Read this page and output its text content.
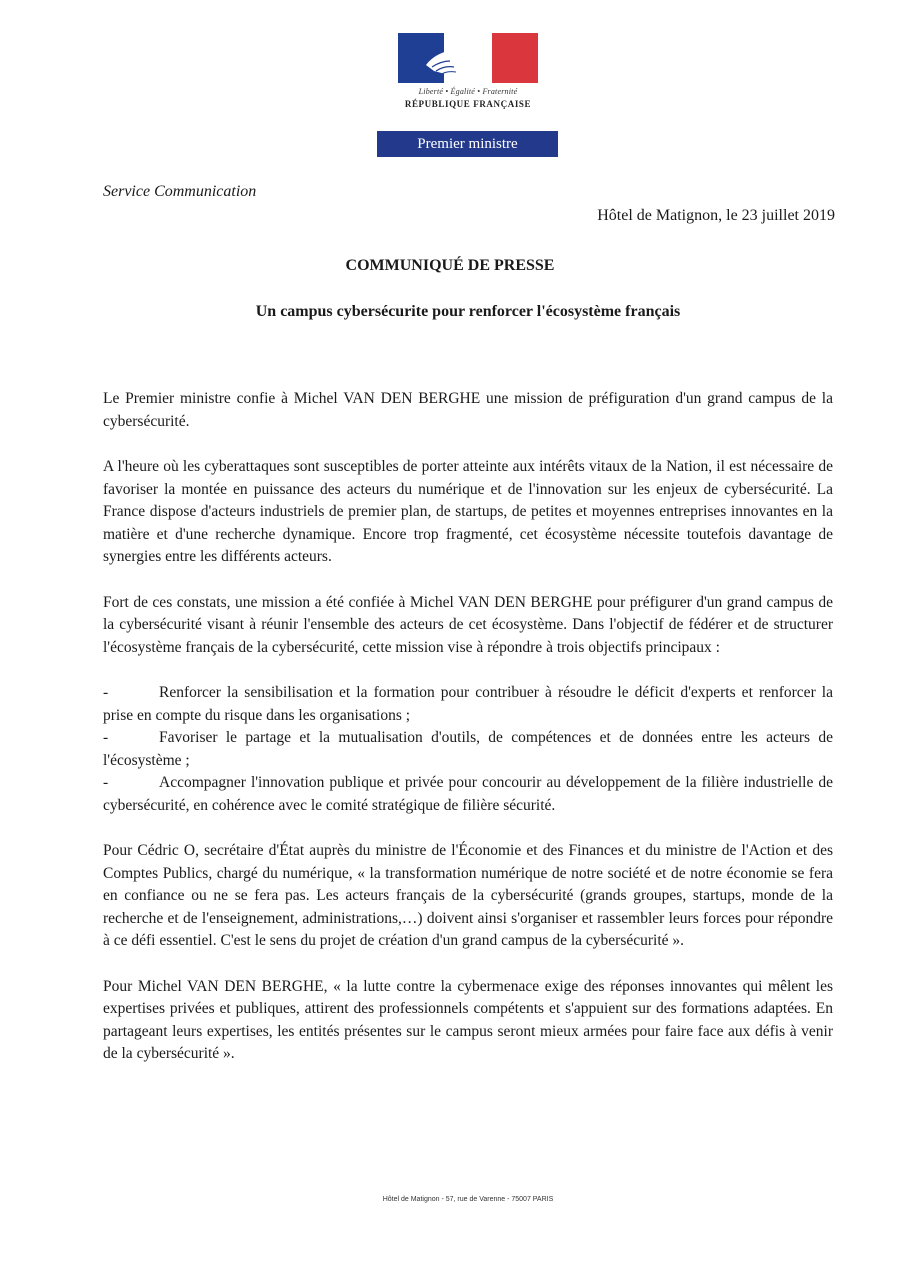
Liberté • Égalité • Fraternité
RÉPUBLIQUE FRANÇAISE
Premier ministre
Service Communication
Hôtel de Matignon, le 23 juillet 2019
COMMUNIQUÉ DE PRESSE
Un campus cybersécurite pour renforcer l'écosystème français

Le Premier ministre confie à Michel VAN DEN BERGHE une mission de préfiguration d'un grand campus de la cybersécurité.

A l'heure où les cyberattaques sont susceptibles de porter atteinte aux intérêts vitaux de la Nation, il est nécessaire de favoriser la montée en puissance des acteurs du numérique et de l'innovation sur les enjeux de cybersécurité. La France dispose d'acteurs industriels de premier plan, de startups, de petites et moyennes entreprises innovantes en la matière et d'une recherche dynamique. Encore trop fragmenté, cet écosystème nécessite toutefois davantage de synergies entre les différents acteurs.

Fort de ces constats, une mission a été confiée à Michel VAN DEN BERGHE pour préfigurer d'un grand campus de la cybersécurité visant à réunir l'ensemble des acteurs de cet écosystème. Dans l'objectif de fédérer et de structurer l'écosystème français de la cybersécurité, cette mission vise à répondre à trois objectifs principaux :

- Renforcer la sensibilisation et la formation pour contribuer à résoudre le déficit d'experts et renforcer la prise en compte du risque dans les organisations ;
- Favoriser le partage et la mutualisation d'outils, de compétences et de données entre les acteurs de l'écosystème ;
- Accompagner l'innovation publique et privée pour concourir au développement de la filière industrielle de cybersécurité, en cohérence avec le comité stratégique de filière sécurité.

Pour Cédric O, secrétaire d'État auprès du ministre de l'Économie et des Finances et du ministre de l'Action et des Comptes Publics, chargé du numérique, « la transformation numérique de notre société et de notre économie se fera en confiance ou ne se fera pas. Les acteurs français de la cybersécurité (grands groupes, startups, monde de la recherche et de l'enseignement, administrations,…) doivent ainsi s'organiser et rassembler leurs forces pour répondre à ce défi essentiel. C'est le sens du projet de création d'un grand campus de la cybersécurité ».

Pour Michel VAN DEN BERGHE, « la lutte contre la cybermenace exige des réponses innovantes qui mêlent les expertises privées et publiques, attirent des professionnels compétents et s'appuient sur des formations adaptées. En partageant leurs expertises, les entités présentes sur le campus seront mieux armées pour faire face aux défis à venir de la cybersécurité ».

Hôtel de Matignon - 57, rue de Varenne - 75007 PARIS
